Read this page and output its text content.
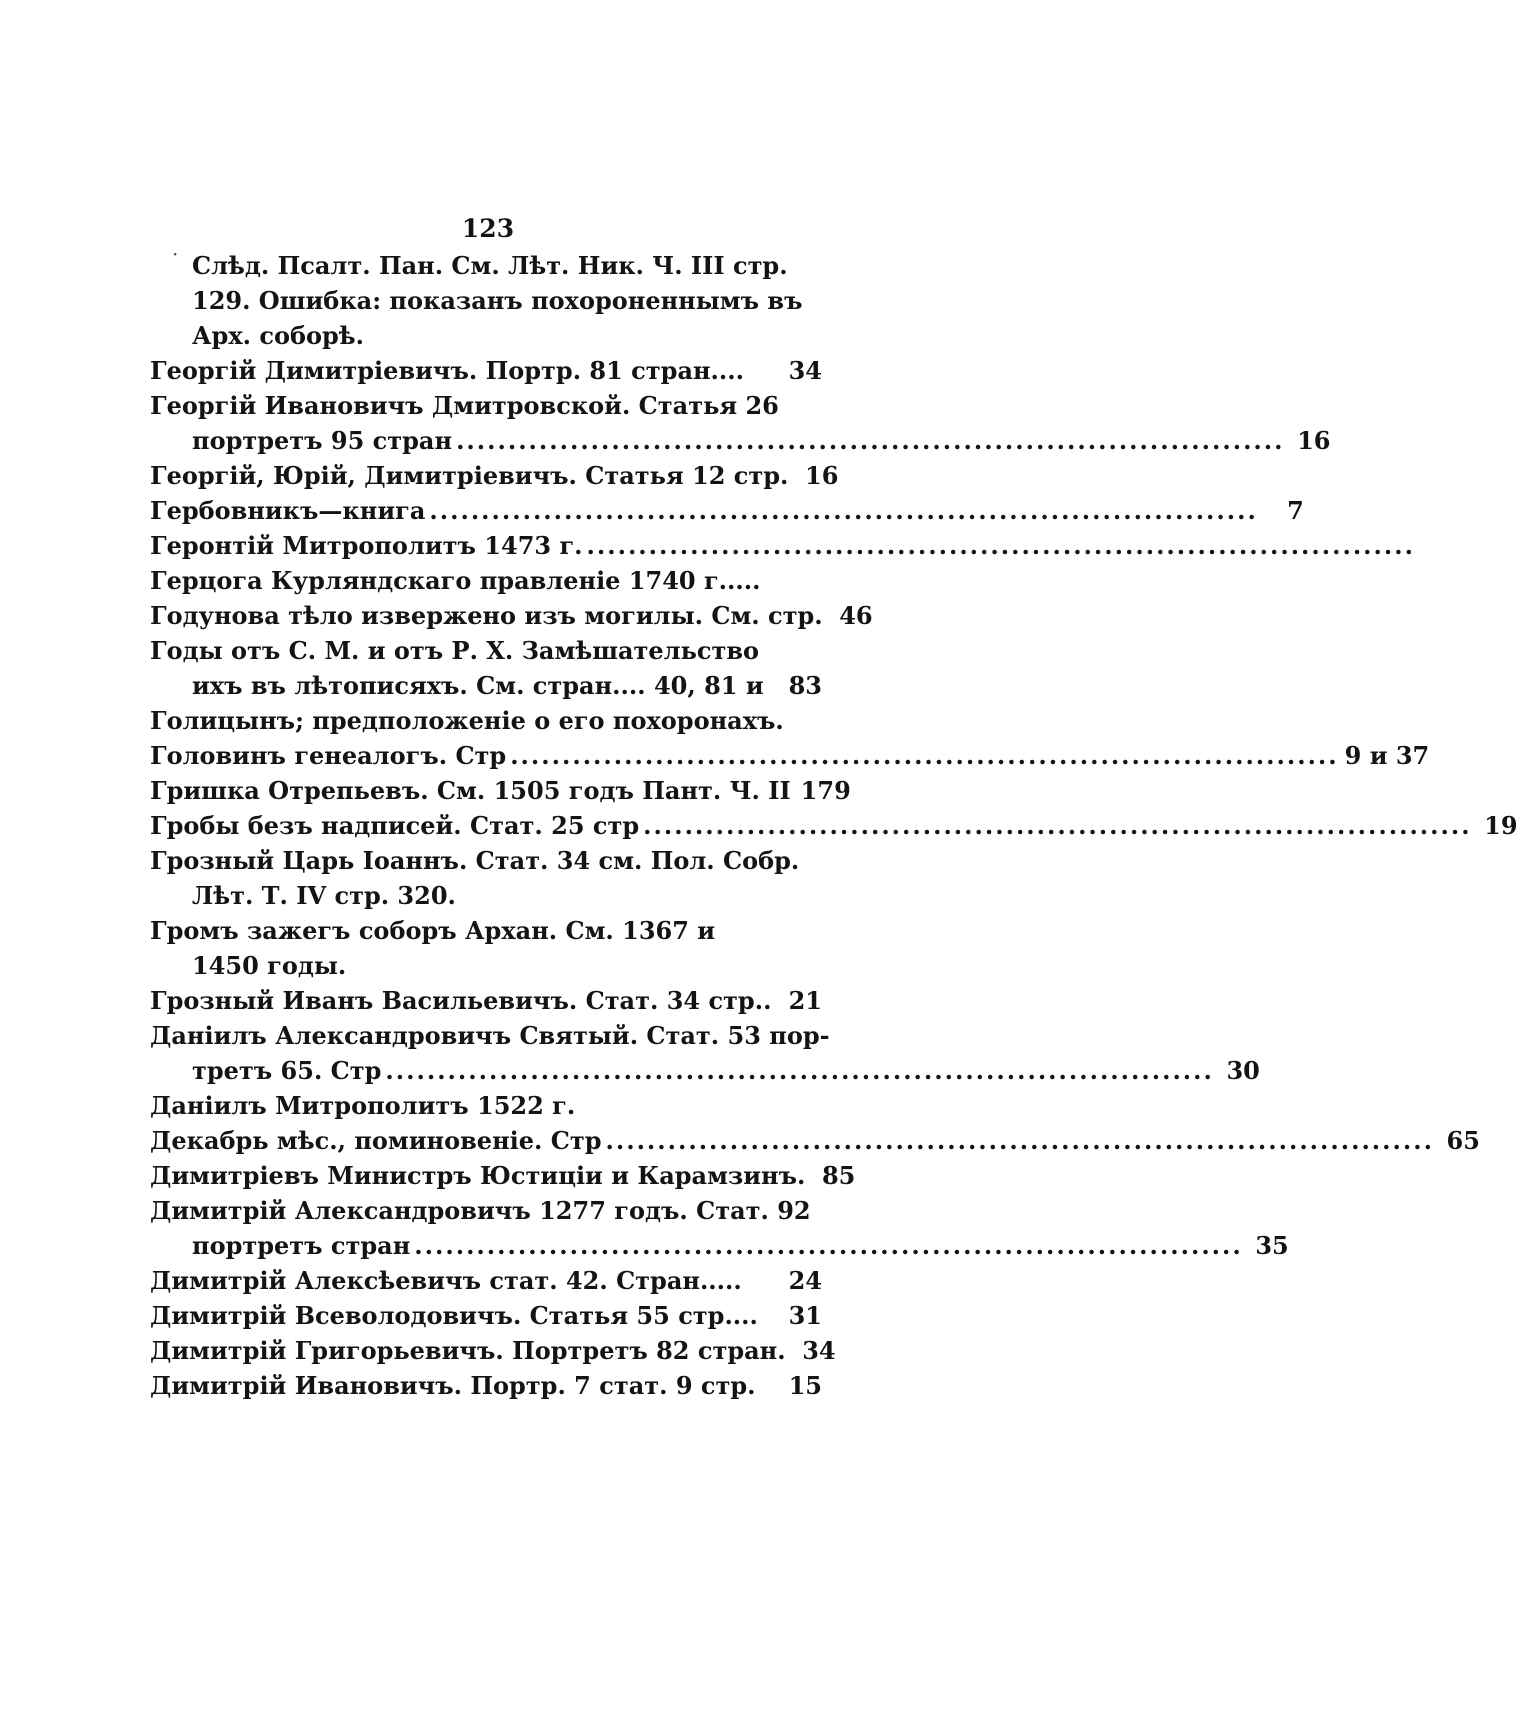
123
· Слѣд. Псалт. Пан. См. Лѣт. Ник. Ч. III стр.
129. Ошибка: показанъ похороненнымъ въ
Арх. соборѣ.
Георгій Димитріевичъ. Портр. 81 стран....	34
Георгій Ивановичъ Дмитровской. Статья 26
портретъ 95 стран ................................................................................ 16
Георгій, Юрій, Димитріевичъ. Статья 12 стр. 16
Гербовникъ—книга ................................................................................	7
Геронтій Митрополитъ 1473 г. ................................................................................
Герцога Курляндскаго правленіе 1740 г.....
Годунова тѣло извержено изъ могилы. См. стр. 46
Годы отъ С. М. и отъ Р. Х. Замѣшательство
ихъ въ лѣтописяхъ. См. стран.... 40, 81 и	83
Голицынъ; предположеніе о его похоронахъ.
Головинъ генеалогъ. Стр ................................................................................ 9 и 37
Гришка Отрепьевъ. См. 1505 годъ Пант. Ч. II 179
Гробы безъ надписей. Стат. 25 стр ................................................................................ 19
Грозный Царь Іоаннъ. Стат. 34 см. Пол. Собр.
Лѣт. Т. IV стр. 320.
Громъ зажегъ соборъ Архан. См. 1367 и
1450 годы.
Грозный Иванъ Васильевичъ. Стат. 34 стр.. 21
Даніилъ Александровичъ Святый. Стат. 53 пор-
третъ 65. Стр ................................................................................ 30
Даніилъ Митрополитъ 1522 г.
Декабрь мѣс., поминовеніе. Стр ................................................................................ 65
Димитріевъ Министръ Юстиціи и Карамзинъ. 85
Димитрій Александровичъ 1277 годъ. Стат. 92
портретъ стран ................................................................................ 35
Димитрій Алексѣевичъ стат. 42. Стран.....	24
Димитрій Всеволодовичъ. Статья 55 стр....	31
Димитрій Григорьевичъ. Портретъ 82 стран. 34
Димитрій Ивановичъ. Портр. 7 стат. 9 стр.	15
